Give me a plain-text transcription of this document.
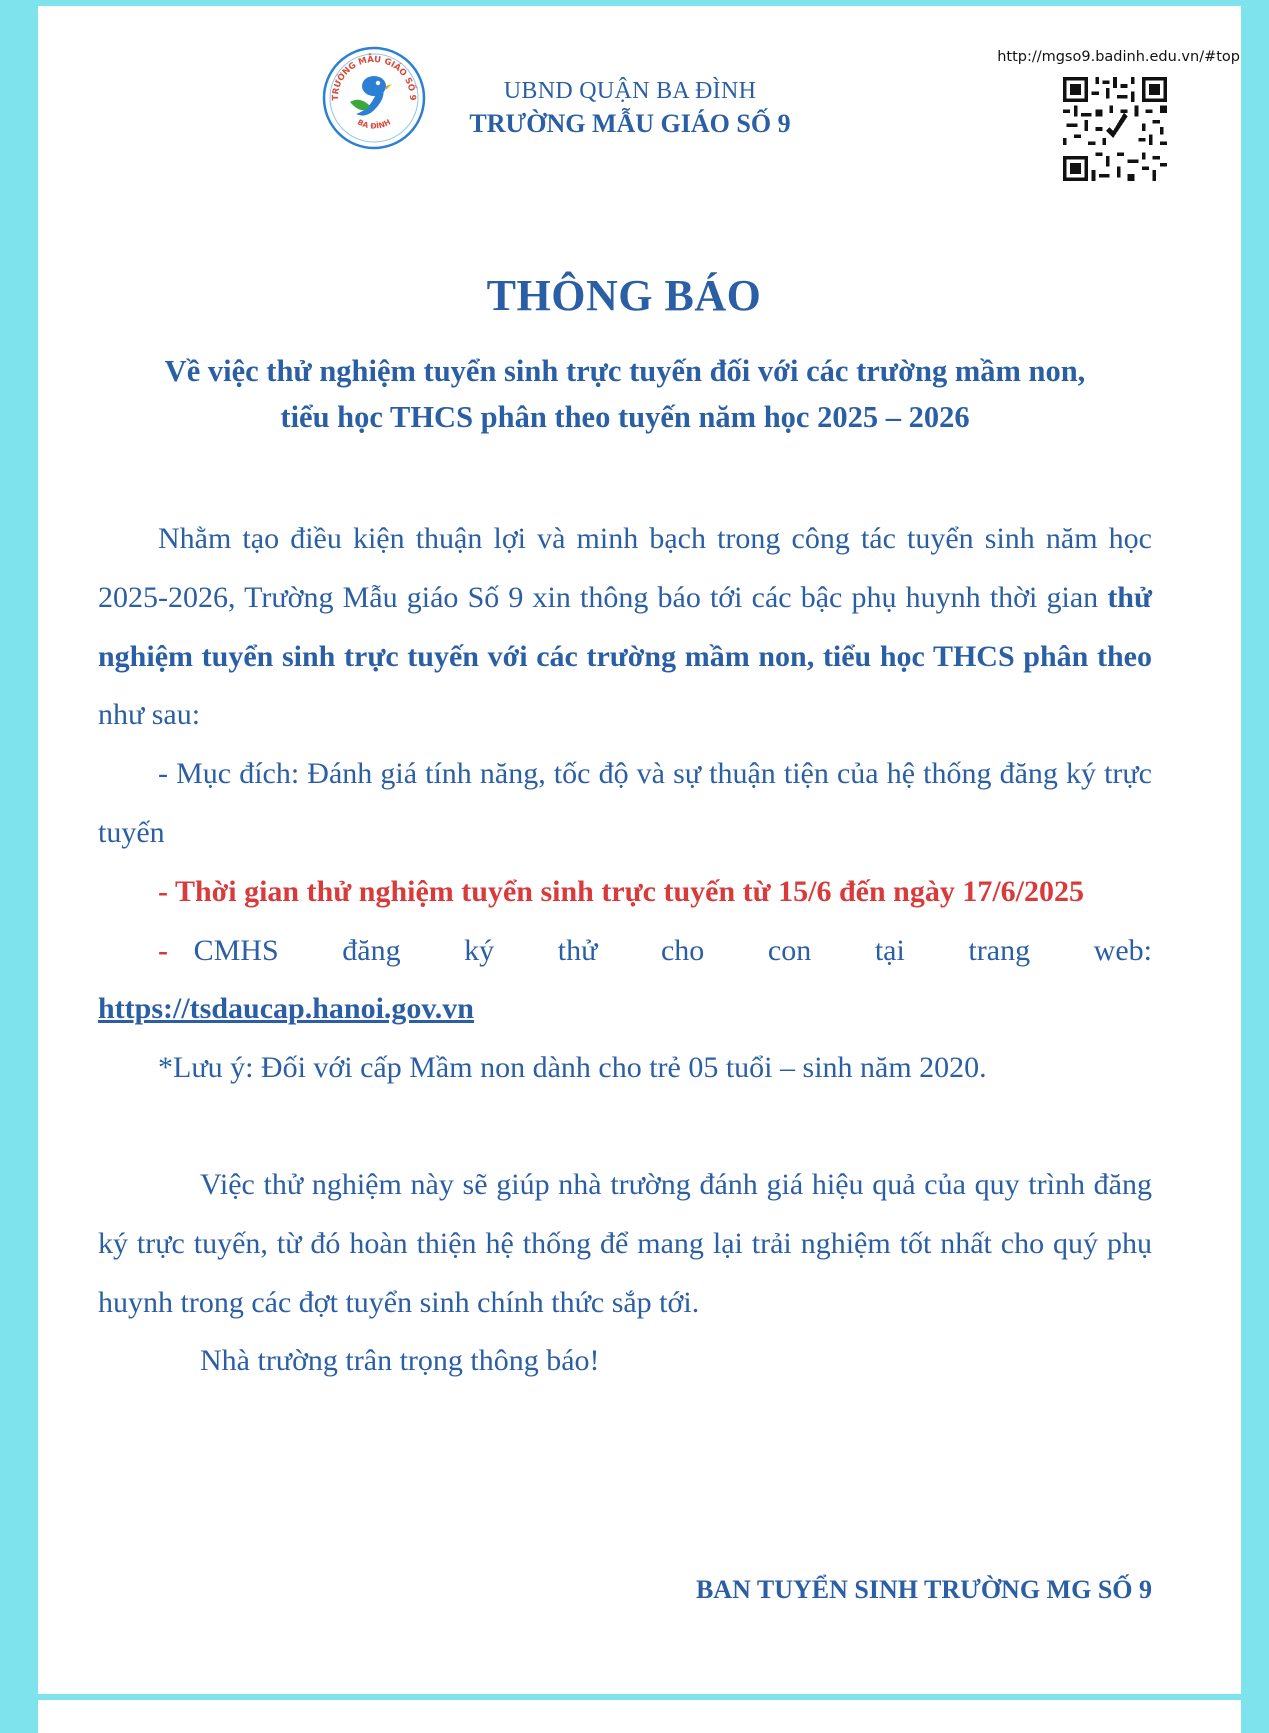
TRƯỜNG MẪU GIÁO SỐ 9
BA ĐÌNH
UBND QUẬN BA ĐÌNH
TRƯỜNG MẪU GIÁO SỐ 9
http://mgso9.badinh.edu.vn/#top
THÔNG BÁO
Về việc thử nghiệm tuyển sinh trực tuyến đối với các trường mầm non,
tiểu học THCS phân theo tuyến năm học 2025 – 2026

Nhằm tạo điều kiện thuận lợi và minh bạch trong công tác tuyển sinh năm học 2025-2026, Trường Mẫu giáo Số 9 xin thông báo tới các bậc phụ huynh thời gian thử nghiệm tuyển sinh trực tuyến với các trường mầm non, tiểu học THCS phân theo như sau:

- Mục đích: Đánh giá tính năng, tốc độ và sự thuận tiện của hệ thống đăng ký trực tuyến

- Thời gian thử nghiệm tuyển sinh trực tuyến từ 15/6 đến ngày 17/6/2025

- CMHS đăng ký thử cho con tại trang web:

https://tsdaucap.hanoi.gov.vn

*Lưu ý: Đối với cấp Mầm non dành cho trẻ 05 tuổi – sinh năm 2020.

Việc thử nghiệm này sẽ giúp nhà trường đánh giá hiệu quả của quy trình đăng ký trực tuyến, từ đó hoàn thiện hệ thống để mang lại trải nghiệm tốt nhất cho quý phụ huynh trong các đợt tuyển sinh chính thức sắp tới.

Nhà trường trân trọng thông báo!

BAN TUYỂN SINH TRƯỜNG MG SỐ 9
